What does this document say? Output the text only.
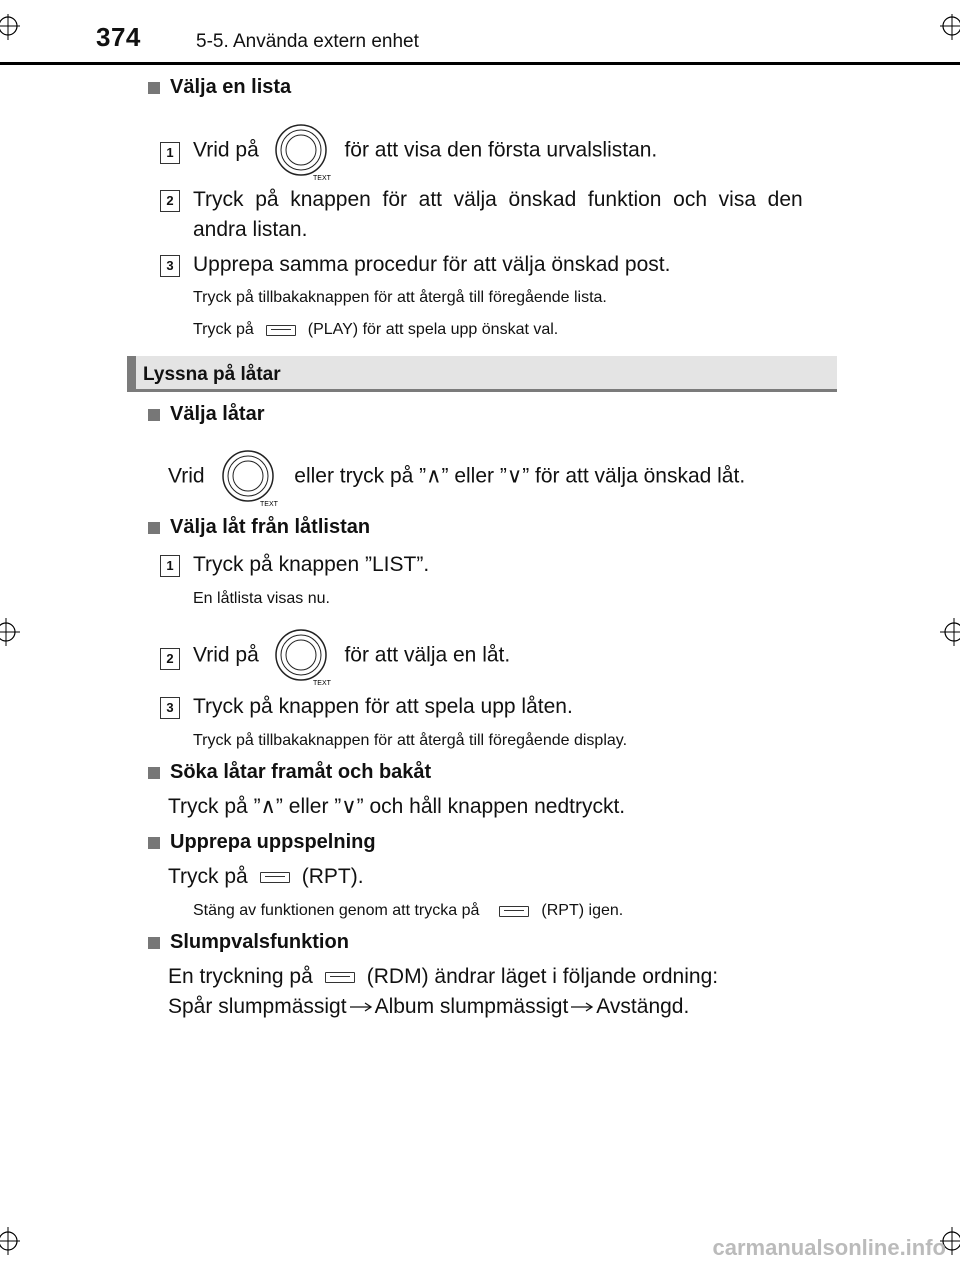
374	5-5. Använda extern enhet
Välja en lista
1 Vrid på
TEXT
för att visa den första urvalslistan.
2 Tryck  på  knappen  för  att  välja  önskad  funktion  och  visa  den
andra listan.
3 Upprepa samma procedur för att välja önskad post.
Tryck på tillbakaknappen för att återgå till föregående lista.
Tryck på	(PLAY) för att spela upp önskat val.
Lyssna på låtar
Välja låtar
Vrid
TEXT
eller tryck på ”∧” eller ”∨” för att välja önskad låt.
Välja låt från låtlistan
1 Tryck på knappen ”LIST”.
En låtlista visas nu.
2 Vrid på
TEXT
för att välja en låt.
3 Tryck på knappen för att spela upp låten.
Tryck på tillbakaknappen för att återgå till föregående display.
Söka låtar framåt och bakåt
Tryck på ”∧” eller ”∨” och håll knappen nedtryckt.
Upprepa uppspelning
Tryck på	(RPT).
Stäng av funktionen genom att trycka på	(RPT) igen.
Slumpvalsfunktion
En tryckning på	(RDM) ändrar läget i följande ordning:
Spår slumpmässigt Album slumpmässigt Avstängd.
carmanualsonline.info
